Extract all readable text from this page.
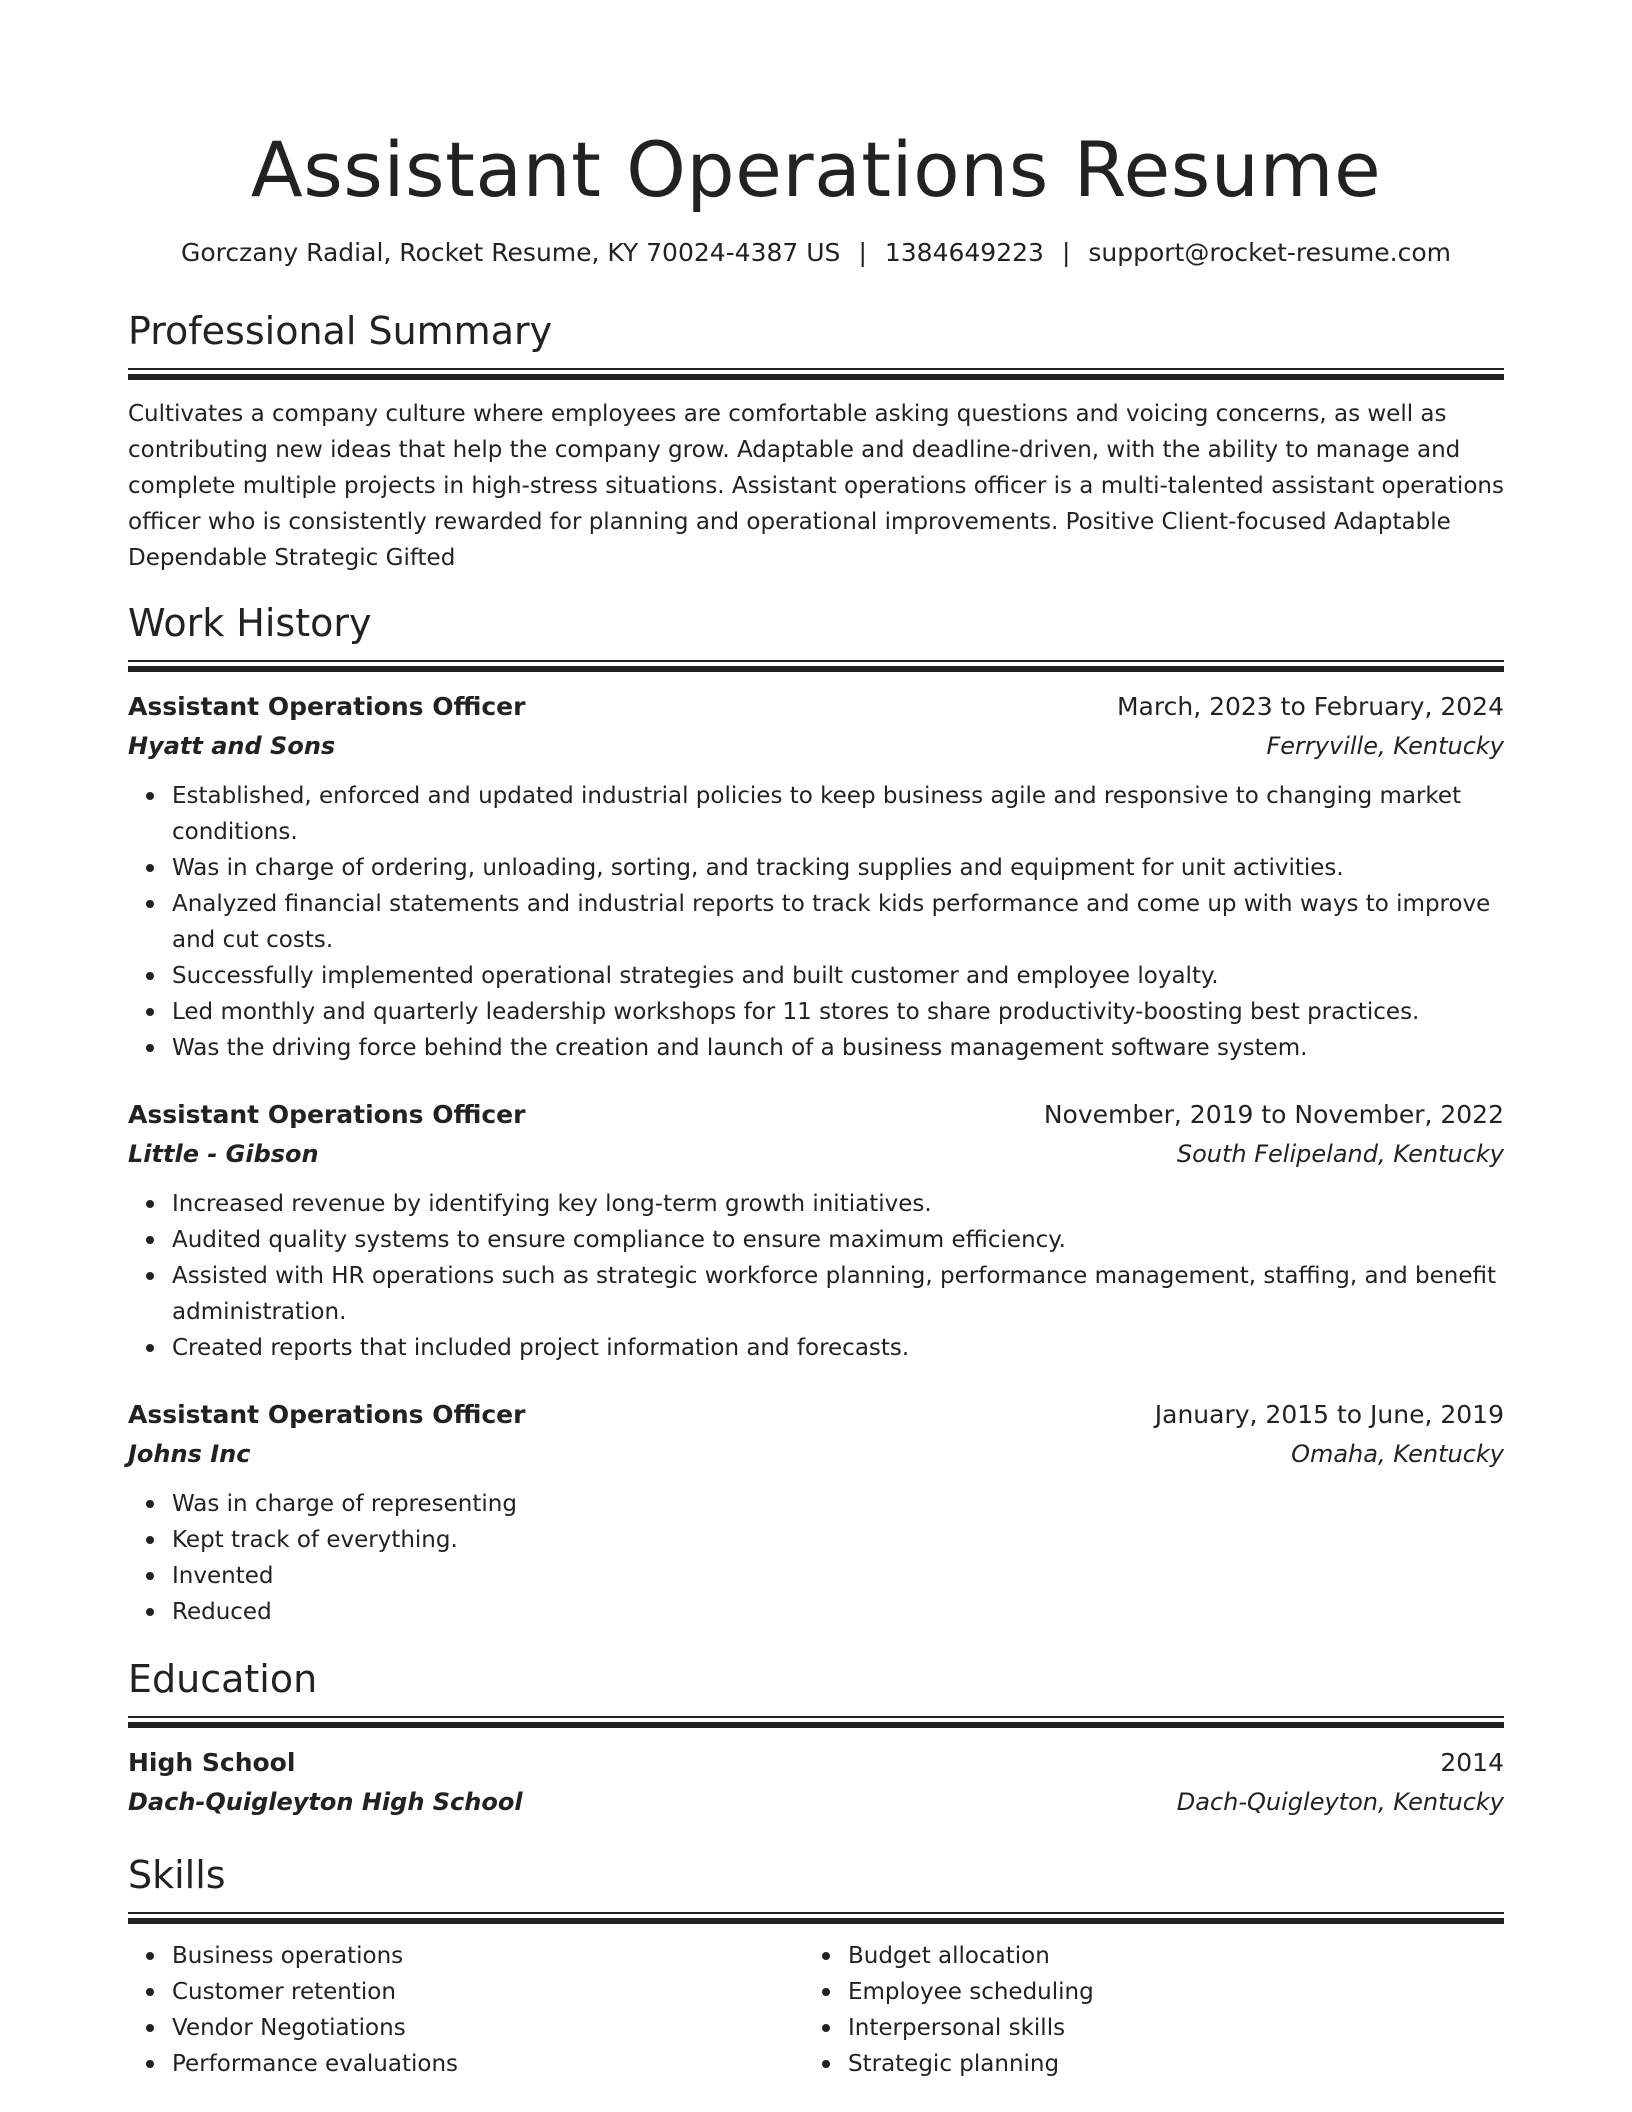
Assistant Operations Resume
Gorczany Radial, Rocket Resume, KY 70024-4387 US | 1384649223 | support@rocket-resume.com
Professional Summary
Cultivates a company culture where employees are comfortable asking questions and voicing concerns, as well as contributing new ideas that help the company grow. Adaptable and deadline-driven, with the ability to manage and complete multiple projects in high-stress situations. Assistant operations officer is a multi-talented assistant operations officer who is consistently rewarded for planning and operational improvements. Positive Client-focused Adaptable Dependable Strategic Gifted
Work History
Assistant Operations Officer	March, 2023 to February, 2024
Hyatt and Sons	Ferryville, Kentucky
Established, enforced and updated industrial policies to keep business agile and responsive to changing market conditions.
Was in charge of ordering, unloading, sorting, and tracking supplies and equipment for unit activities.
Analyzed financial statements and industrial reports to track kids performance and come up with ways to improve and cut costs.
Successfully implemented operational strategies and built customer and employee loyalty.
Led monthly and quarterly leadership workshops for 11 stores to share productivity-boosting best practices.
Was the driving force behind the creation and launch of a business management software system.
Assistant Operations Officer	November, 2019 to November, 2022
Little - Gibson	South Felipeland, Kentucky
Increased revenue by identifying key long-term growth initiatives.
Audited quality systems to ensure compliance to ensure maximum efficiency.
Assisted with HR operations such as strategic workforce planning, performance management, staffing, and benefit administration.
Created reports that included project information and forecasts.
Assistant Operations Officer	January, 2015 to June, 2019
Johns Inc	Omaha, Kentucky
Was in charge of representing
Kept track of everything.
Invented
Reduced
Education
High School	2014
Dach-Quigleyton High School	Dach-Quigleyton, Kentucky
Skills
Business operations
Customer retention
Vendor Negotiations
Performance evaluations
Budget allocation
Employee scheduling
Interpersonal skills
Strategic planning
